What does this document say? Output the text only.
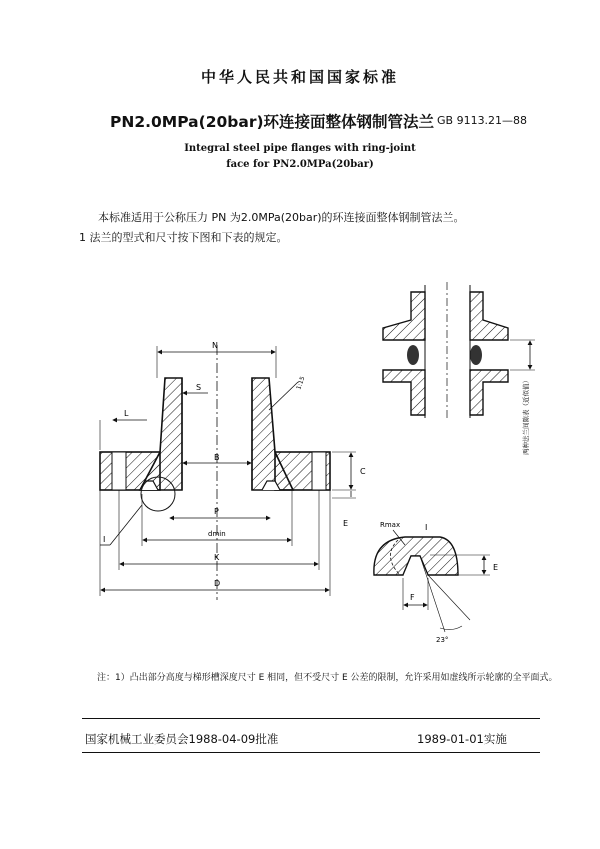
中华人民共和国国家标准
PN2.0MPa(20bar)环连接面整体钢制管法兰 GB 9113.21—88
Integral steel pipe flanges with ring-joint
face for PN2.0MPa(20bar)
本标准适用于公称压力 PN 为2.0MPa(20bar)的环连接面整体钢制管法兰。
1 法兰的型式和尺寸按下图和下表的规定。
N
S
L
B
C
E
P
dmin
K
D
I
1:15	两种法兰间隙表（近似值）
Rmax	I
E
F
23°
注：1）凸出部分高度与梯形槽深度尺寸 E 相同，但不受尺寸 E 公差的限制，允许采用如虚线所示轮廓的全平面式。
国家机械工业委员会1988-04-09批准	1989-01-01实施
